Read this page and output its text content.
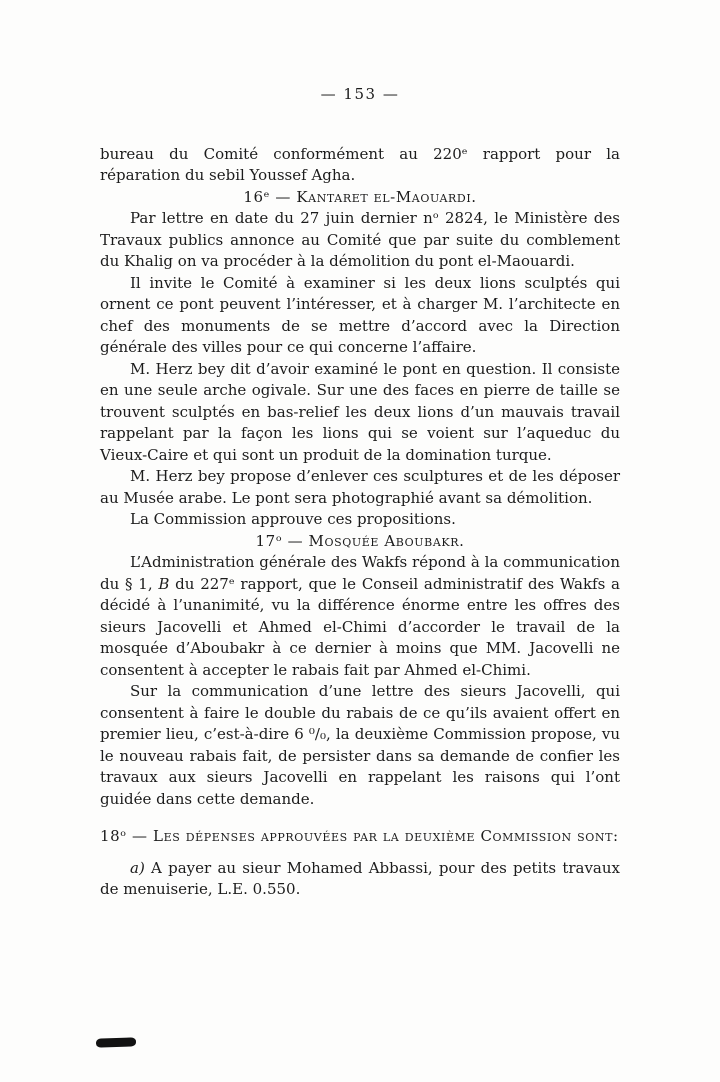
— 153 —

bureau du Comité conformément au 220ᵉ rapport pour la réparation du sebil Youssef Agha.

16ᵉ — Kantaret el-Maouardi.

Par lettre en date du 27 juin dernier nᵒ 2824, le Ministère des Travaux publics annonce au Comité que par suite du comblement du Khalig on va procéder à la démolition du pont el-Maouardi.

Il invite le Comité à examiner si les deux lions sculptés qui ornent ce pont peuvent l’intéresser, et à charger M. l’architecte en chef des monuments de se mettre d’accord avec la Direction générale des villes pour ce qui concerne l’affaire.

M. Herz bey dit d’avoir examiné le pont en question. Il consiste en une seule arche ogivale. Sur une des faces en pierre de taille se trouvent sculptés en bas-relief les deux lions d’un mauvais travail rappelant par la façon les lions qui se voient sur l’aqueduc du Vieux-Caire et qui sont un produit de la domination turque.

M. Herz bey propose d’enlever ces sculptures et de les déposer au Musée arabe. Le pont sera photographié avant sa démolition.

La Commission approuve ces propositions.

17ᵒ — Mosquée Aboubakr.

L’Administration générale des Wakfs répond à la communication du § 1, B du 227ᵉ rapport, que le Conseil administratif des Wakfs a décidé à l’unanimité, vu la différence énorme entre les offres des sieurs Jacovelli et Ahmed el-Chimi d’accorder le travail de la mosquée d’Aboubakr à ce dernier à moins que MM. Jacovelli ne consentent à accepter le rabais fait par Ahmed el-Chimi.

Sur la communication d’une lettre des sieurs Jacovelli, qui consentent à faire le double du rabais de ce qu’ils avaient offert en premier lieu, c’est-à-dire 6 ⁰/₀, la deuxième Commission propose, vu le nouveau rabais fait, de persister dans sa demande de confier les travaux aux sieurs Jacovelli en rappelant les raisons qui l’ont guidée dans cette demande.

18ᵒ — Les dépenses approuvées par la deuxième Commission sont:

a) A payer au sieur Mohamed Abbassi, pour des petits travaux de menuiserie, L.E. 0.550.
